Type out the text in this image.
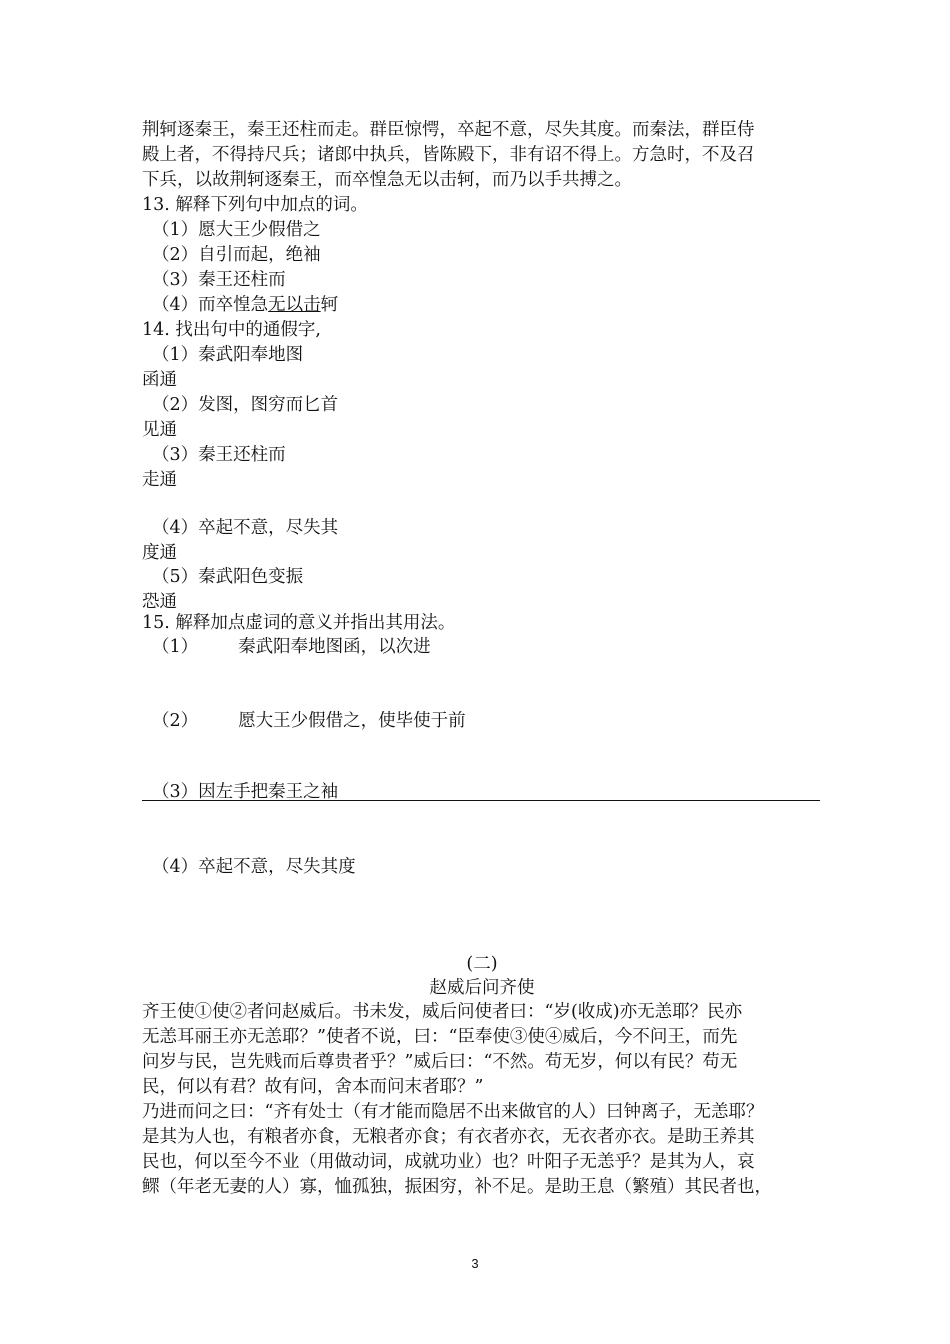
荆轲逐秦王，秦王还柱而走。群臣惊愕，卒起不意，尽失其度。而秦法，群臣侍
殿上者，不得持尺兵；诸郎中执兵，皆陈殿下，非有诏不得上。方急时，不及召
下兵，以故荆轲逐秦王，而卒惶急无以击轲，而乃以手共搏之。
13. 解释下列句中加点的词。
（1）愿大王少假借之
（2）自引而起，绝袖
（3）秦王还柱而
（4）而卒惶急无以击轲
14. 找出句中的通假字,
（1）秦武阳奉地图
函通
（2）发图，图穷而匕首
见通
（3）秦王还柱而
走通
（4）卒起不意，尽失其
度通
（5）秦武阳色变振
恐通
15. 解释加点虚词的意义并指出其用法。
（1） 秦武阳奉地图函，以次进
（2） 愿大王少假借之，使毕使于前
（3）因左手把秦王之袖
（4）卒起不意，尽失其度
(二)
赵威后问齐使
齐王使①使②者问赵威后。书未发，威后问使者曰：“岁(收成)亦无恙耶？民亦
无恙耳丽王亦无恙耶？”使者不说，曰：“臣奉使③使④威后，今不问王，而先
问岁与民，岂先贱而后尊贵者乎？”威后曰：“不然。苟无岁，何以有民？苟无
民，何以有君？故有问，舍本而问末者耶？”
乃进而问之曰：“齐有处士（有才能而隐居不出来做官的人）曰钟离子，无恙耶？
是其为人也，有粮者亦食，无粮者亦食；有衣者亦衣，无衣者亦衣。是助王养其
民也，何以至今不业（用做动词，成就功业）也？叶阳子无恙乎？是其为人，哀
鳏（年老无妻的人）寡，恤孤独，振困穷，补不足。是助王息（繁殖）其民者也，
3
